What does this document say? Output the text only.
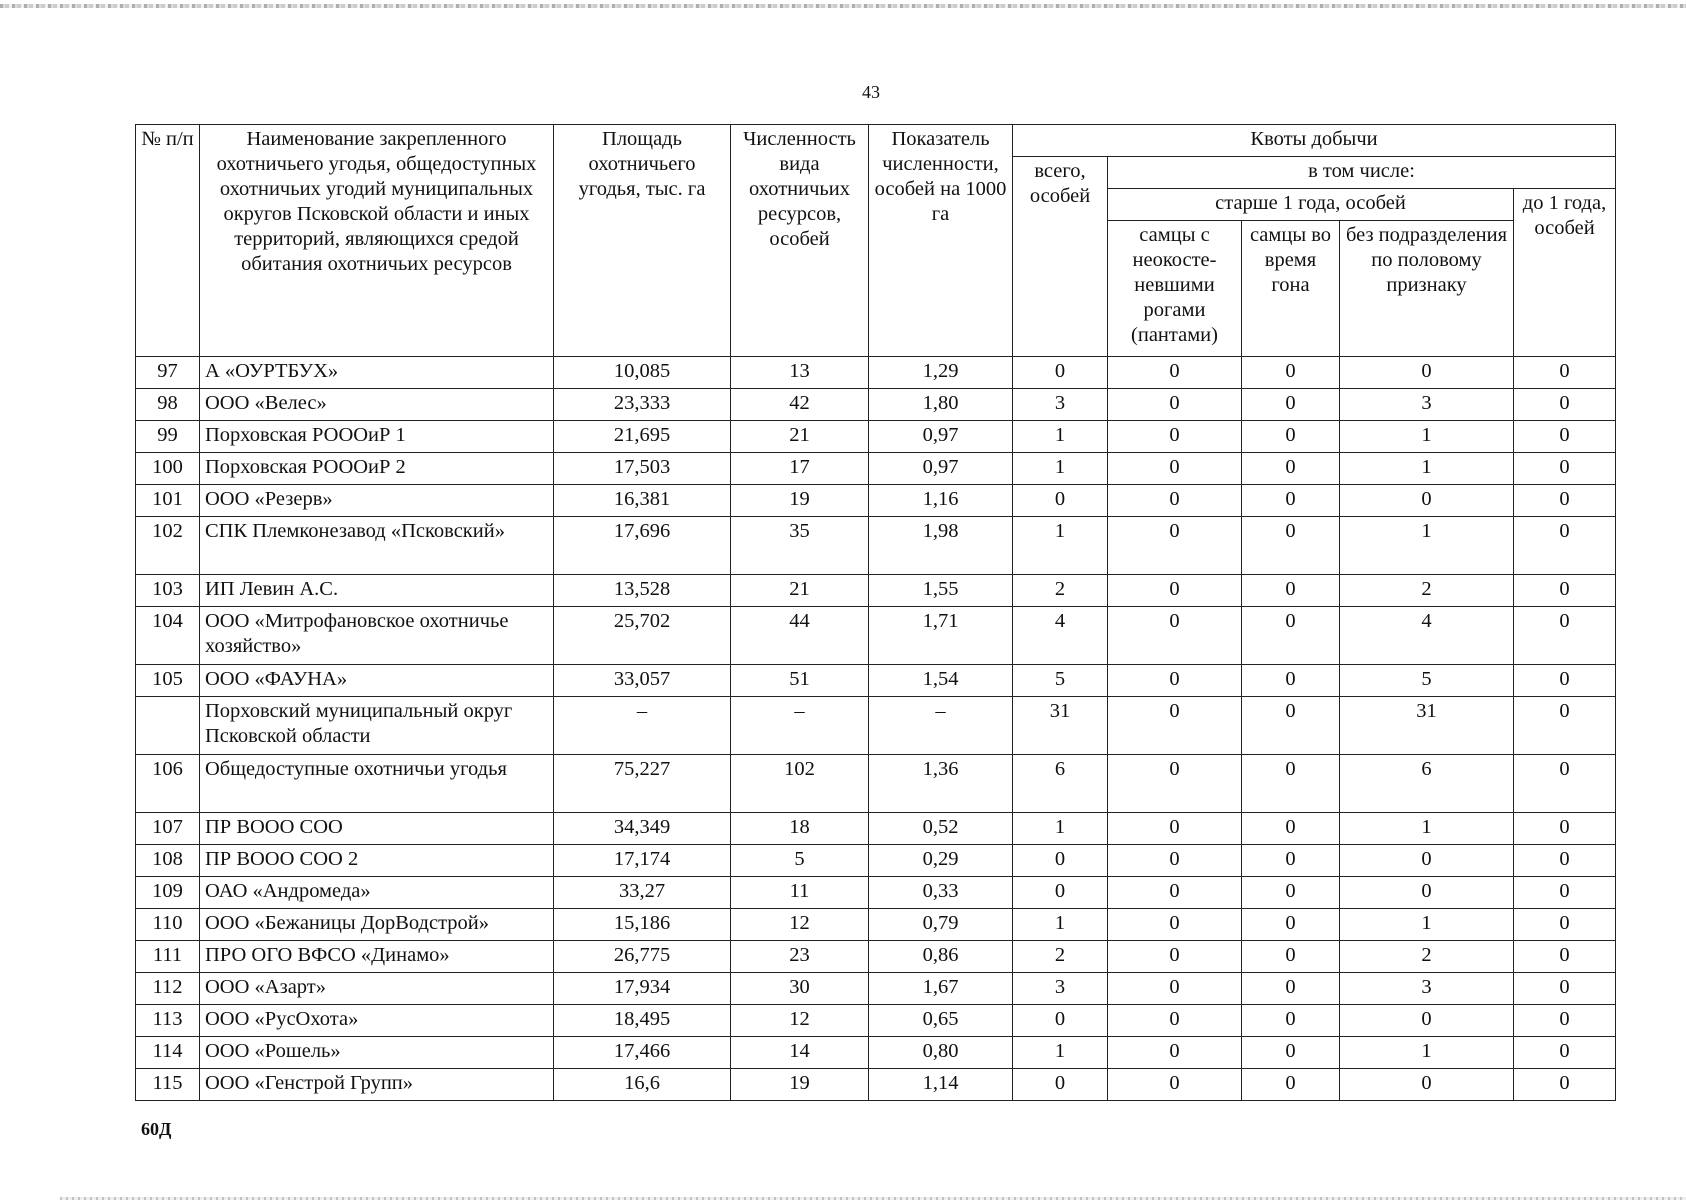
43
№ п/п	Наименование закрепленного охотничьего угодья, общедоступных охотничьих угодий муниципальных округов Псковской области и иных территорий, являющихся средой обитания охотничьих ресурсов	Площадь охотничьего угодья, тыс. га	Численность вида охотничьих ресурсов, особей	Показатель численности, особей на 1000 га	Квоты добычи				
					всего, особей	в том числе:			
						старше 1 года, особей			до 1 года, особей
						самцы с неокосте-невшими рогами (пантами)	самцы во время гона	без подразделения по половому признаку	
97	А «ОУРТБУХ»	10,085	13	1,29	0	0	0	0	0
98	ООО «Велес»	23,333	42	1,80	3	0	0	3	0
99	Порховская РОООиР 1	21,695	21	0,97	1	0	0	1	0
100	Порховская РОООиР 2	17,503	17	0,97	1	0	0	1	0
101	ООО «Резерв»	16,381	19	1,16	0	0	0	0	0
102	СПК Племконезавод «Псковский»	17,696	35	1,98	1	0	0	1	0
103	ИП Левин А.С.	13,528	21	1,55	2	0	0	2	0
104	ООО «Митрофановское охотничье хозяйство»	25,702	44	1,71	4	0	0	4	0
105	ООО «ФАУНА»	33,057	51	1,54	5	0	0	5	0
	Порховский муниципальный округ Псковской области	–	–	–	31	0	0	31	0
106	Общедоступные охотничьи угодья	75,227	102	1,36	6	0	0	6	0
107	ПР ВООО СОО	34,349	18	0,52	1	0	0	1	0
108	ПР ВООО СОО 2	17,174	5	0,29	0	0	0	0	0
109	ОАО «Андромеда»	33,27	11	0,33	0	0	0	0	0
110	ООО «Бежаницы ДорВодстрой»	15,186	12	0,79	1	0	0	1	0
111	ПРО ОГО ВФСО «Динамо»	26,775	23	0,86	2	0	0	2	0
112	ООО «Азарт»	17,934	30	1,67	3	0	0	3	0
113	ООО «РусОхота»	18,495	12	0,65	0	0	0	0	0
114	ООО «Рошель»	17,466	14	0,80	1	0	0	1	0
115	ООО «Генстрой Групп»	16,6	19	1,14	0	0	0	0	0
60Д
